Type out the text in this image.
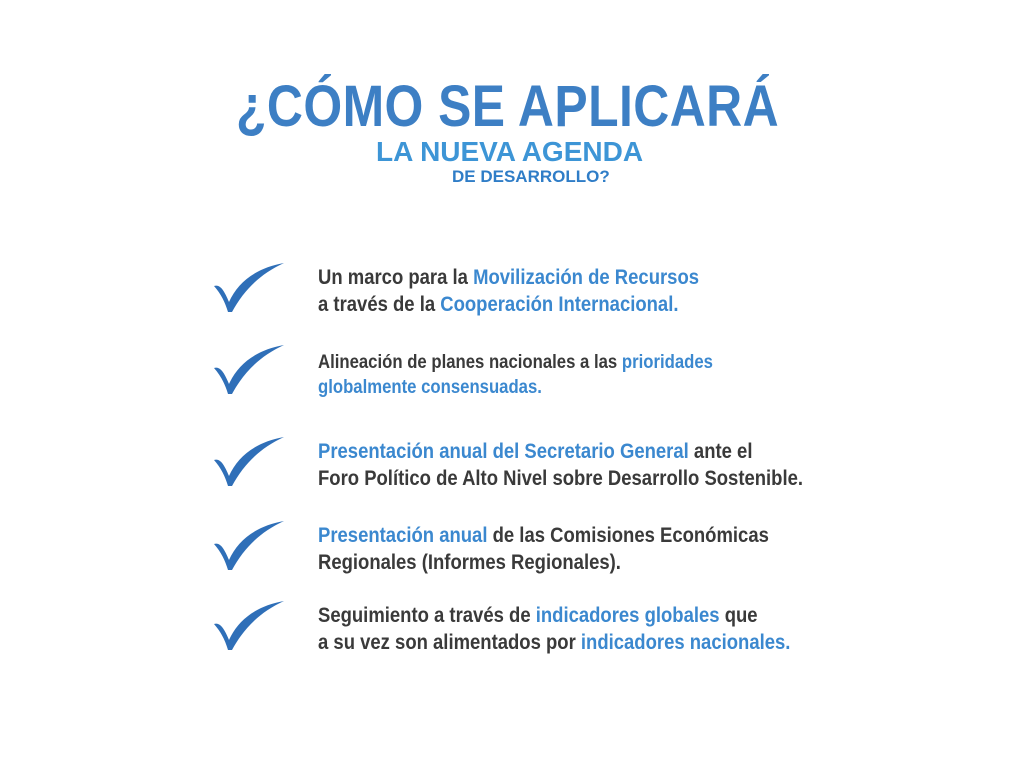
¿CÓMO SE APLICARÁ
LA NUEVA AGENDA
DE DESARROLLO?
Un marco para la Movilización de Recursos
a través de la Cooperación Internacional.
Alineación de planes nacionales a las prioridades
globalmente consensuadas.
Presentación anual del Secretario General ante el
Foro Político de Alto Nivel sobre Desarrollo Sostenible.
Presentación anual de las Comisiones Económicas
Regionales (Informes Regionales).
Seguimiento a través de indicadores globales que
a su vez son alimentados por indicadores nacionales.
